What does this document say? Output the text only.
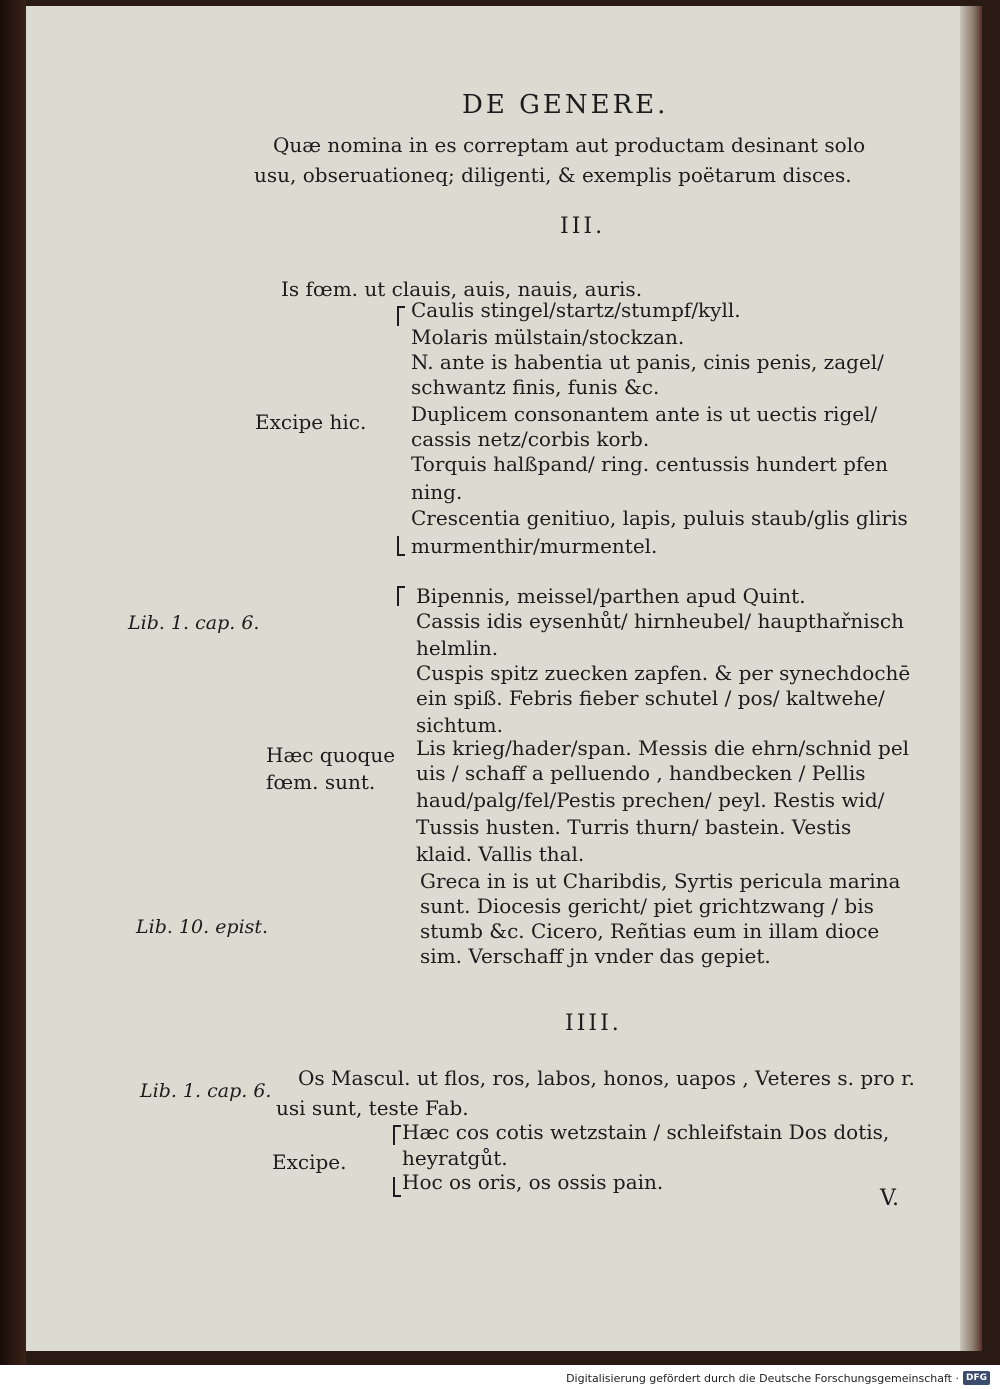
DE GENERE.
Quæ nomina in es correptam aut productam desinant solo
usu, obseruationeq; diligenti, & exemplis poëtarum disces.
III.
Is fœm. ut clauis, auis, nauis, auris.
Excipe hic.
Caulis stingel/startz/stumpf/kyll.
Molaris mülstain/stockzan.
N. ante is habentia ut panis, cinis penis, zagel/
schwantz finis, funis &c.
Duplicem consonantem ante is ut uectis rigel/
cassis netz/corbis korb.
Torquis halßpand/ ring. centussis hundert pfen
ning.
Crescentia genitiuo, lapis, puluis staub/glis gliris
murmenthir/murmentel.
Lib. 1. cap. 6.
Lib. 10. epist.
Hæc quoque
fœm. sunt.
Bipennis, meissel/parthen apud Quint.
Cassis idis eysenhůt/ hirnheubel/ haupthařnisch
helmlin.
Cuspis spitz zuecken zapfen. & per synechdochē
ein spiß. Febris fieber schutel / pos/ kaltwehe/
sichtum.
Lis krieg/hader/span. Messis die ehrn/schnid pel
uis / schaff a pelluendo , handbecken / Pellis
haud/palg/fel/Pestis prechen/ peyl. Restis wid/
Tussis husten. Turris thurn/ bastein. Vestis
klaid. Vallis thal.
Greca in is ut Charibdis, Syrtis pericula marina
sunt. Diocesis gericht/ piet grichtzwang / bis
stumb &c. Cicero, Reñtias eum in illam dioce
sim. Verschaff jn vnder das gepiet.
IIII.
Lib. 1. cap. 6.
Os Mascul. ut flos, ros, labos, honos, uapos , Veteres s. pro r.
usi sunt, teste Fab.
Excipe.
Hæc cos cotis wetzstain / schleifstain Dos dotis,
heyratgůt.
Hoc os oris, os ossis pain.
V.
Digitalisierung gefördert durch die Deutsche Forschungsgemeinschaft · DFG
